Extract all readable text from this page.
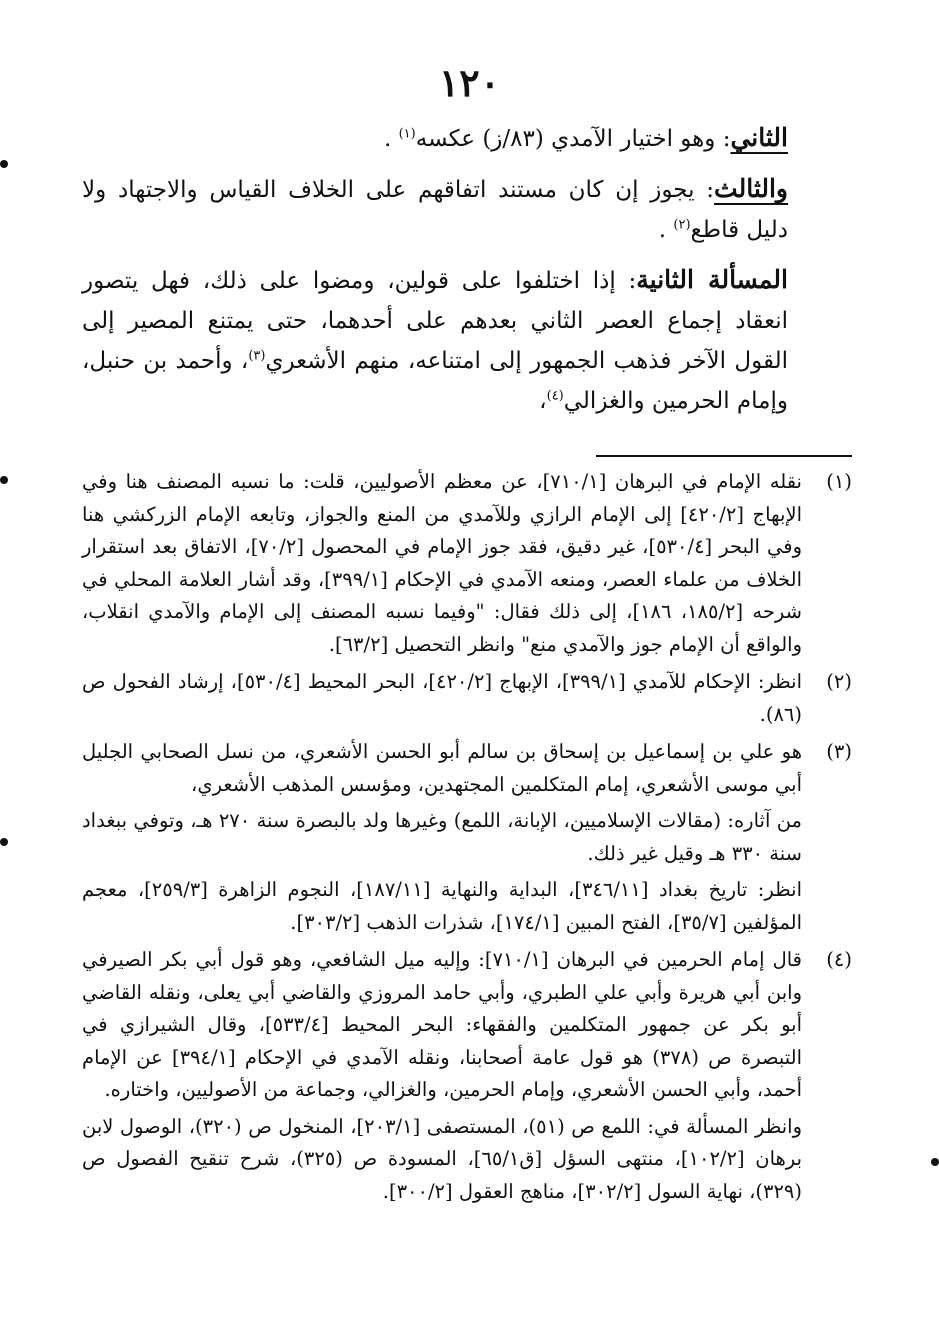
١٢٠

الثاني: وهو اختيار الآمدي (٨٣/ز) عكسه$^{(١)}$ .

والثالث: يجوز إن كان مستند اتفاقهم على الخلاف القياس والاجتهاد ولا دليل قاطع$^{(٢)}$ .

المسألة الثانية: إذا اختلفوا على قولين، ومضوا على ذلك، فهل يتصور انعقاد إجماع العصر الثاني بعدهم على أحدهما، حتى يمتنع المصير إلى القول الآخر فذهب الجمهور إلى امتناعه، منهم الأشعري$^{(٣)}$، وأحمد بن حنبل، وإمام الحرمين والغزالي$^{(٤)}$،

(١)

نقله الإمام في البرهان [٧١٠/١]، عن معظم الأصوليين، قلت: ما نسبه المصنف هنا وفي الإبهاج [٤٢٠/٢] إلى الإمام الرازي وللآمدي من المنع والجواز، وتابعه الإمام الزركشي هنا وفي البحر [٥٣٠/٤]، غير دقيق، فقد جوز الإمام في المحصول [٧٠/٢]، الاتفاق بعد استقرار الخلاف من علماء العصر، ومنعه الآمدي في الإحكام [٣٩٩/١]، وقد أشار العلامة المحلي في شرحه [١٨٥/٢، ١٨٦]، إلى ذلك فقال: "وفيما نسبه المصنف إلى الإمام والآمدي انقلاب، والواقع أن الإمام جوز والآمدي منع" وانظر التحصيل [٦٣/٢].

(٢)

انظر: الإحكام للآمدي [٣٩٩/١]، الإبهاج [٤٢٠/٢]، البحر المحيط [٥٣٠/٤]، إرشاد الفحول ص (٨٦).

(٣)

هو علي بن إسماعيل بن إسحاق بن سالم أبو الحسن الأشعري، من نسل الصحابي الجليل أبي موسى الأشعري، إمام المتكلمين المجتهدين، ومؤسس المذهب الأشعري،

من آثاره: (مقالات الإسلاميين، الإبانة، اللمع) وغيرها ولد بالبصرة سنة ٢٧٠ هـ، وتوفي ببغداد سنة ٣٣٠ هـ وقيل غير ذلك.

انظر: تاريخ بغداد [٣٤٦/١١]، البداية والنهاية [١٨٧/١١]، النجوم الزاهرة [٢٥٩/٣]، معجم المؤلفين [٣٥/٧]، الفتح المبين [١٧٤/١]، شذرات الذهب [٣٠٣/٢].

(٤)

قال إمام الحرمين في البرهان [٧١٠/١]: وإليه ميل الشافعي، وهو قول أبي بكر الصيرفي وابن أبي هريرة وأبي علي الطبري، وأبي حامد المروزي والقاضي أبي يعلى، ونقله القاضي أبو بكر عن جمهور المتكلمين والفقهاء: البحر المحيط [٥٣٣/٤]، وقال الشيرازي في التبصرة ص (٣٧٨) هو قول عامة أصحابنا، ونقله الآمدي في الإحكام [٣٩٤/١] عن الإمام أحمد، وأبي الحسن الأشعري، وإمام الحرمين، والغزالي، وجماعة من الأصوليين، واختاره.

وانظر المسألة في: اللمع ص (٥١)، المستصفى [٢٠٣/١]، المنخول ص (٣٢٠)، الوصول لابن برهان [١٠٢/٢]، منتهى السؤل [ق٦٥/١]، المسودة ص (٣٢٥)، شرح تنقيح الفصول ص (٣٢٩)، نهاية السول [٣٠٢/٢]، مناهج العقول [٣٠٠/٢].
